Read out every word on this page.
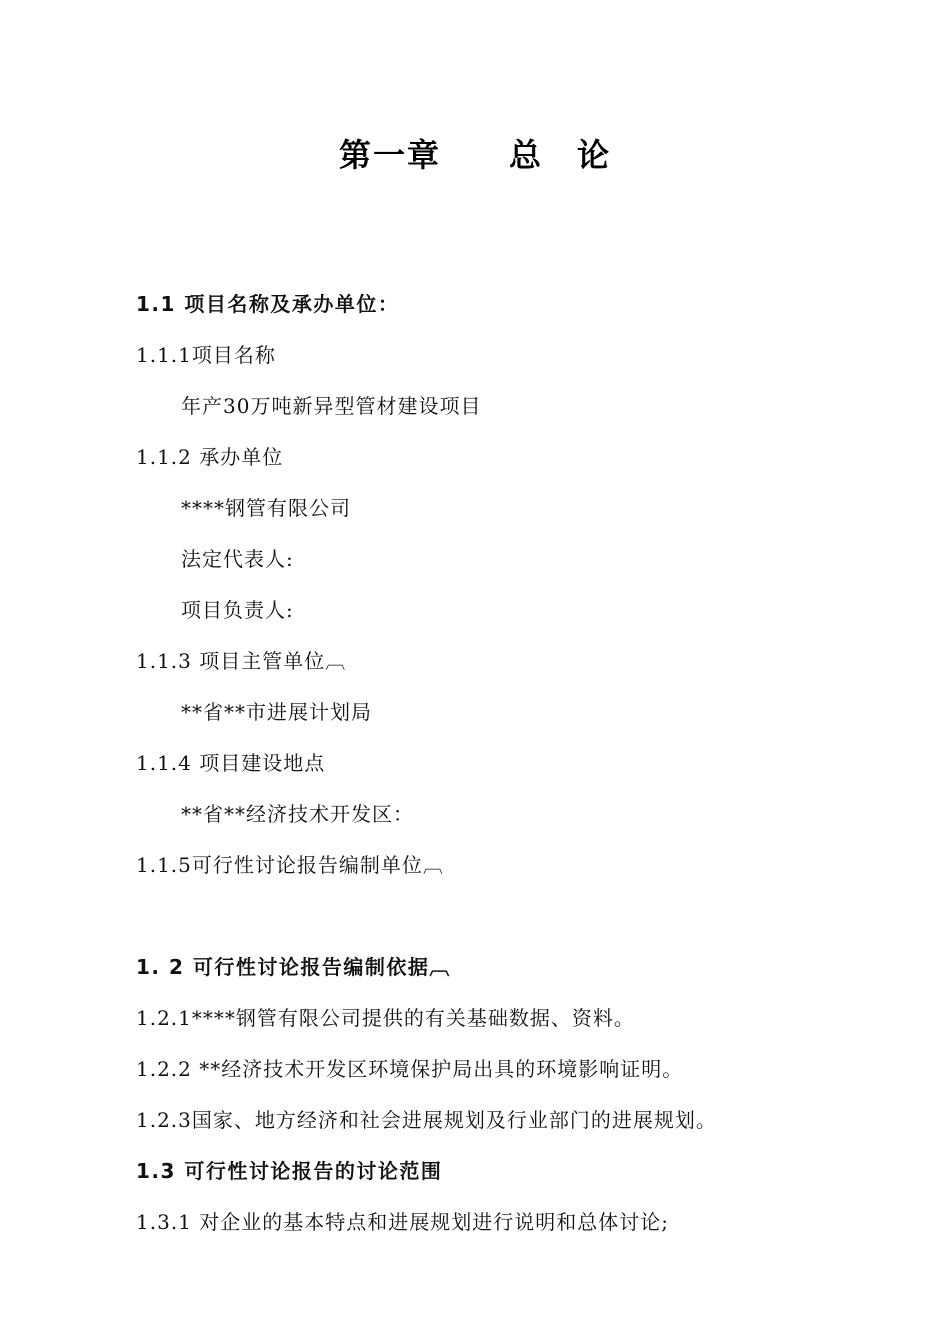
第一章　　总　论
1.1 项目名称及承办单位：
1.1.1项目名称
年产30万吨新异型管材建设项目
1.1.2 承办单位
****钢管有限公司
法定代表人:
项目负责人:
1.1.3 项目主管单位︹
**省**市进展计划局
1.1.4 项目建设地点
**省**经济技术开发区：
1.1.5可行性讨论报告编制单位︹
1. 2 可行性讨论报告编制依据︹
1.2.1****钢管有限公司提供的有关基础数据、资料。
1.2.2 **经济技术开发区环境保护局出具的环境影响证明。
1.2.3国家、地方经济和社会进展规划及行业部门的进展规划。
1.3 可行性讨论报告的讨论范围
1.3.1 对企业的基本特点和进展规划进行说明和总体讨论;
